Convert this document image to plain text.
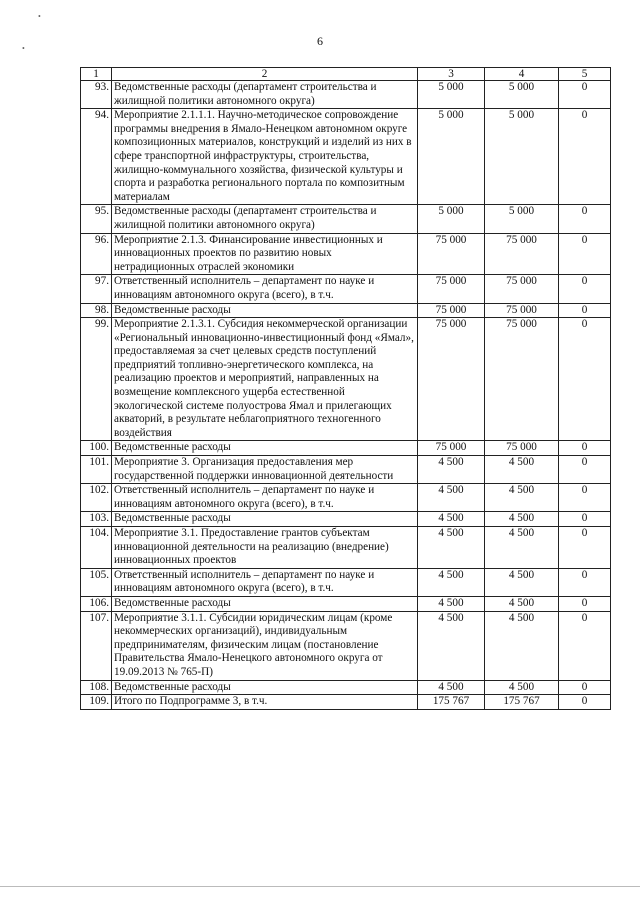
•
•
6
1	2	3	4	5
93.	Ведомственные расходы (департамент строительства и жилищной политики автономного округа)	5 000	5 000	0
94.	Мероприятие 2.1.1.1. Научно-методическое сопровождение программы внедрения в Ямало-Ненецком автономном округе композиционных материалов, конструкций и изделий из них в сфере транспортной инфраструктуры, строительства, жилищно-коммунального хозяйства, физической культуры и спорта и разработка регионального портала по композитным материалам	5 000	5 000	0
95.	Ведомственные расходы (департамент строительства и жилищной политики автономного округа)	5 000	5 000	0
96.	Мероприятие 2.1.3. Финансирование инвестиционных и инновационных проектов по развитию новых нетрадиционных отраслей экономики	75 000	75 000	0
97.	Ответственный исполнитель – департамент по науке и инновациям автономного округа (всего), в т.ч.	75 000	75 000	0
98.	Ведомственные расходы	75 000	75 000	0
99.	Мероприятие 2.1.3.1. Субсидия некоммерческой организации «Региональный инновационно-инвестиционный фонд «Ямал», предоставляемая за счет целевых средств поступлений предприятий топливно-энергетического комплекса, на реализацию проектов и мероприятий, направленных на возмещение комплексного ущерба естественной экологической системе полуострова Ямал и прилегающих акваторий, в результате неблагоприятного техногенного воздействия	75 000	75 000	0
100.	Ведомственные расходы	75 000	75 000	0
101.	Мероприятие 3. Организация предоставления мер государственной поддержки инновационной деятельности	4 500	4 500	0
102.	Ответственный исполнитель – департамент по науке и инновациям автономного округа (всего), в т.ч.	4 500	4 500	0
103.	Ведомственные расходы	4 500	4 500	0
104.	Мероприятие 3.1. Предоставление грантов субъектам инновационной деятельности на реализацию (внедрение) инновационных проектов	4 500	4 500	0
105.	Ответственный исполнитель – департамент по науке и инновациям автономного округа (всего), в т.ч.	4 500	4 500	0
106.	Ведомственные расходы	4 500	4 500	0
107.	Мероприятие 3.1.1. Субсидии юридическим лицам (кроме некоммерческих организаций), индивидуальным предпринимателям, физическим лицам (постановление Правительства Ямало-Ненецкого автономного округа от 19.09.2013 № 765-П)	4 500	4 500	0
108.	Ведомственные расходы	4 500	4 500	0
109.	Итого по Подпрограмме 3, в т.ч.	175 767	175 767	0
